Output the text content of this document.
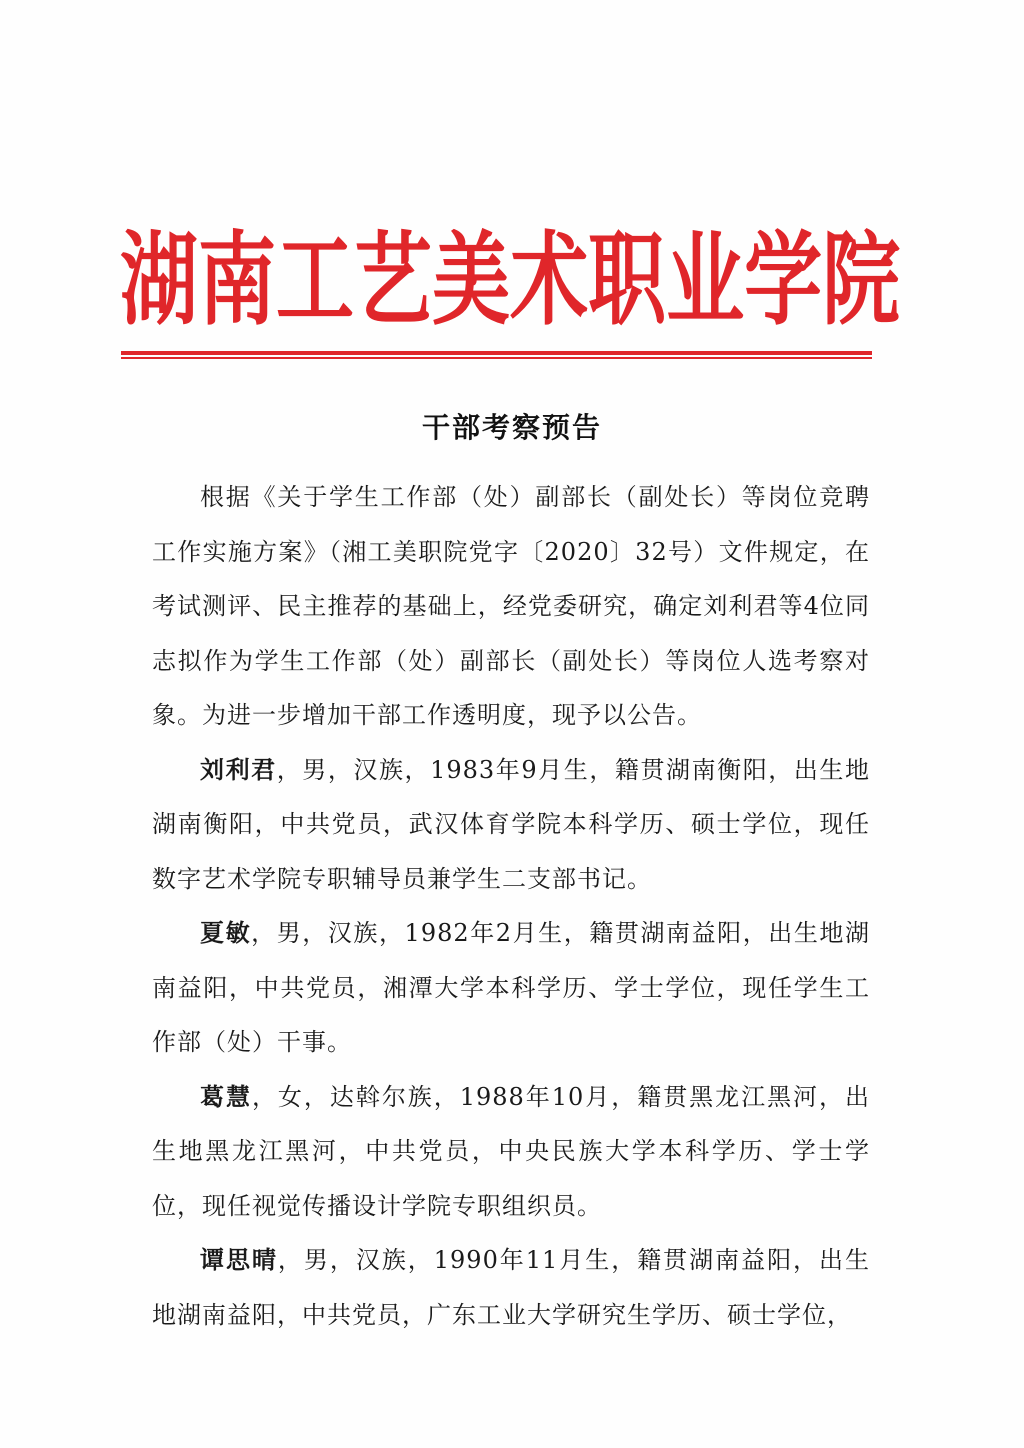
湖 南 工 艺 美 术 职 业 学 院
干部考察预告

根据《关于学生工作部（处）副部长（副处长）等岗位竞聘工作实施方案》（湘工美职院党字〔2020〕32号）文件规定，在考试测评、民主推荐的基础上，经党委研究，确定刘利君等4位同志拟作为学生工作部（处）副部长（副处长）等岗位人选考察对象。为进一步增加干部工作透明度，现予以公告。

刘利君，男，汉族，1983年9月生，籍贯湖南衡阳，出生地湖南衡阳，中共党员，武汉体育学院本科学历、硕士学位，现任数字艺术学院专职辅导员兼学生二支部书记。

夏敏，男，汉族，1982年2月生，籍贯湖南益阳，出生地湖南益阳，中共党员，湘潭大学本科学历、学士学位，现任学生工作部（处）干事。

葛慧，女，达斡尔族，1988年10月，籍贯黑龙江黑河，出生地黑龙江黑河，中共党员，中央民族大学本科学历、学士学位，现任视觉传播设计学院专职组织员。

谭思晴，男，汉族，1990年11月生，籍贯湖南益阳，出生地湖南益阳，中共党员，广东工业大学研究生学历、硕士学位，
